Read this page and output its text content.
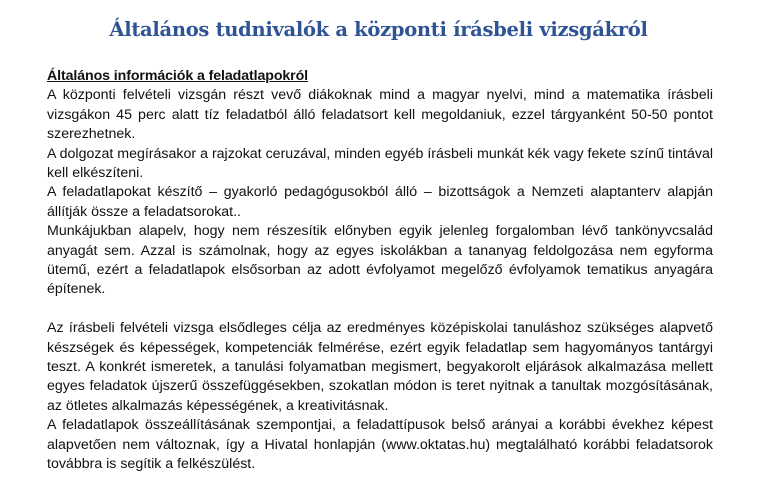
Általános tudnivalók a központi írásbeli vizsgákról

Általános információk a feladatlapokról

A központi felvételi vizsgán részt vevő diákoknak mind a magyar nyelvi, mind a matematika írásbeli vizsgákon 45 perc alatt tíz feladatból álló feladatsort kell megoldaniuk, ezzel tárgyanként 50-50 pontot szerezhetnek.

A dolgozat megírásakor a rajzokat ceruzával, minden egyéb írásbeli munkát kék vagy fekete színű tintával kell elkészíteni.

A feladatlapokat készítő – gyakorló pedagógusokból álló – bizottságok a Nemzeti alaptanterv alapján állítják össze a feladatsorokat..

Munkájukban alapelv, hogy nem részesítik előnyben egyik jelenleg forgalomban lévő tankönyvcsalád anyagát sem. Azzal is számolnak, hogy az egyes iskolákban a tananyag feldolgozása nem egyforma ütemű, ezért a feladatlapok elsősorban az adott évfolyamot megelőző évfolyamok tematikus anyagára építenek.

Az írásbeli felvételi vizsga elsődleges célja az eredményes középiskolai tanuláshoz szükséges alapvető készségek és képességek, kompetenciák felmérése, ezért egyik feladatlap sem hagyományos tantárgyi teszt. A konkrét ismeretek, a tanulási folyamatban megismert, begyakorolt eljárások alkalmazása mellett egyes feladatok újszerű összefüggésekben, szokatlan módon is teret nyitnak a tanultak mozgósításának, az ötletes alkalmazás képességének, a kreativitásnak.

A feladatlapok összeállításának szempontjai, a feladattípusok belső arányai a korábbi évekhez képest alapvetően nem változnak, így a Hivatal honlapján (www.oktatas.hu) megtalálható korábbi feladatsorok továbbra is segítik a felkészülést.
